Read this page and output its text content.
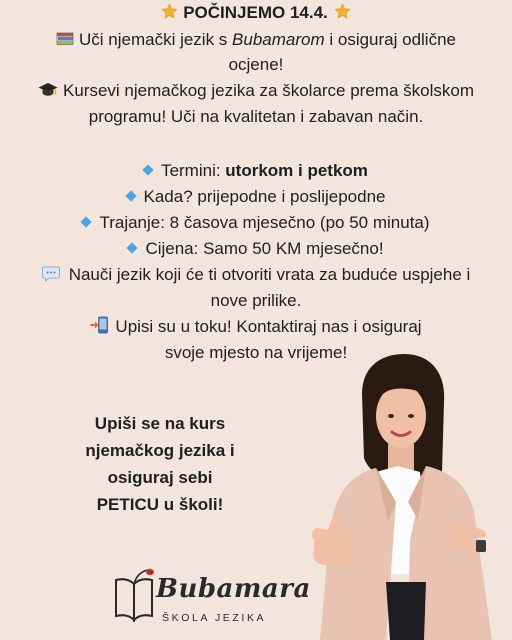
POČINJEMO 14.4.
Uči njemački jezik s Bubamarom i osiguraj odlične
ocjene!
Kursevi njemačkog jezika za školarce prema školskom
programu! Uči na kvalitetan i zabavan način.
Termini: utorkom i petkom
Kada? prijepodne i poslijepodne
Trajanje: 8 časova mjesečno (po 50 minuta)
Cijena: Samo 50 KM mjesečno!
Nauči jezik koji će ti otvoriti vrata za buduće uspjehe i
nove prilike.
Upisi su u toku! Kontaktiraj nas i osiguraj
svoje mjesto na vrijeme!
Upiši se na kurs
njemačkog jezika i
osiguraj sebi
PETICU u školi!
Bubamara
ŠKOLA JEZIKA
